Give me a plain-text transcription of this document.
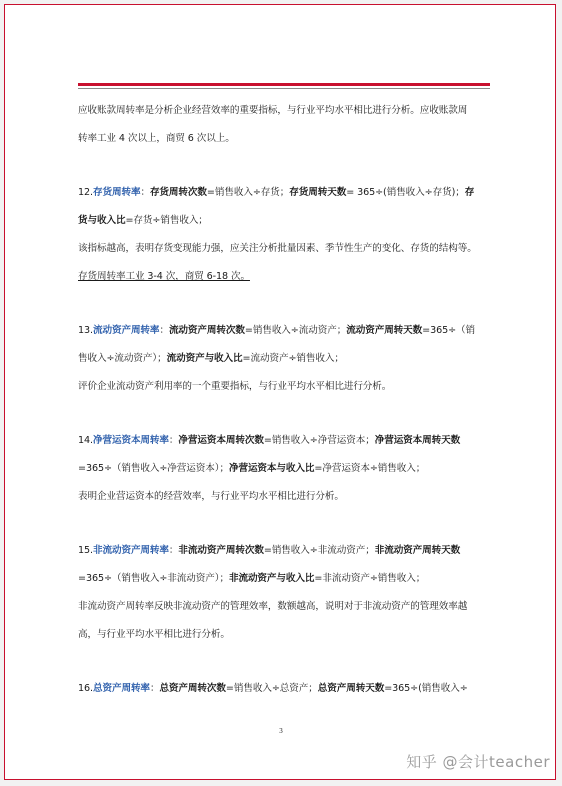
应收账款周转率是分析企业经营效率的重要指标，与行业平均水平相比进行分析。应收账款周

转率工业 4 次以上，商贸 6 次以上。

12.存货周转率：存货周转次数=销售收入÷存货；存货周转天数= 365÷(销售收入÷存货)；存

货与收入比=存货÷销售收入；

该指标越高，表明存货变现能力强，应关注分析批量因素、季节性生产的变化、存货的结构等。

存货周转率工业 3-4 次，商贸 6-18 次。

13.流动资产周转率：流动资产周转次数=销售收入÷流动资产；流动资产周转天数=365÷（销

售收入÷流动资产）；流动资产与收入比=流动资产÷销售收入；

评价企业流动资产利用率的一个重要指标，与行业平均水平相比进行分析。

14.净营运资本周转率：净营运资本周转次数=销售收入÷净营运资本；净营运资本周转天数

=365÷（销售收入÷净营运资本）；净营运资本与收入比=净营运资本÷销售收入；

表明企业营运资本的经营效率，与行业平均水平相比进行分析。

15.非流动资产周转率：非流动资产周转次数=销售收入÷非流动资产；非流动资产周转天数

=365÷（销售收入÷非流动资产）；非流动资产与收入比=非流动资产÷销售收入；

非流动资产周转率反映非流动资产的管理效率，数额越高，说明对于非流动资产的管理效率越

高，与行业平均水平相比进行分析。

16.总资产周转率：总资产周转次数=销售收入÷总资产；总资产周转天数=365÷(销售收入÷

3
知乎 @会计teacher
